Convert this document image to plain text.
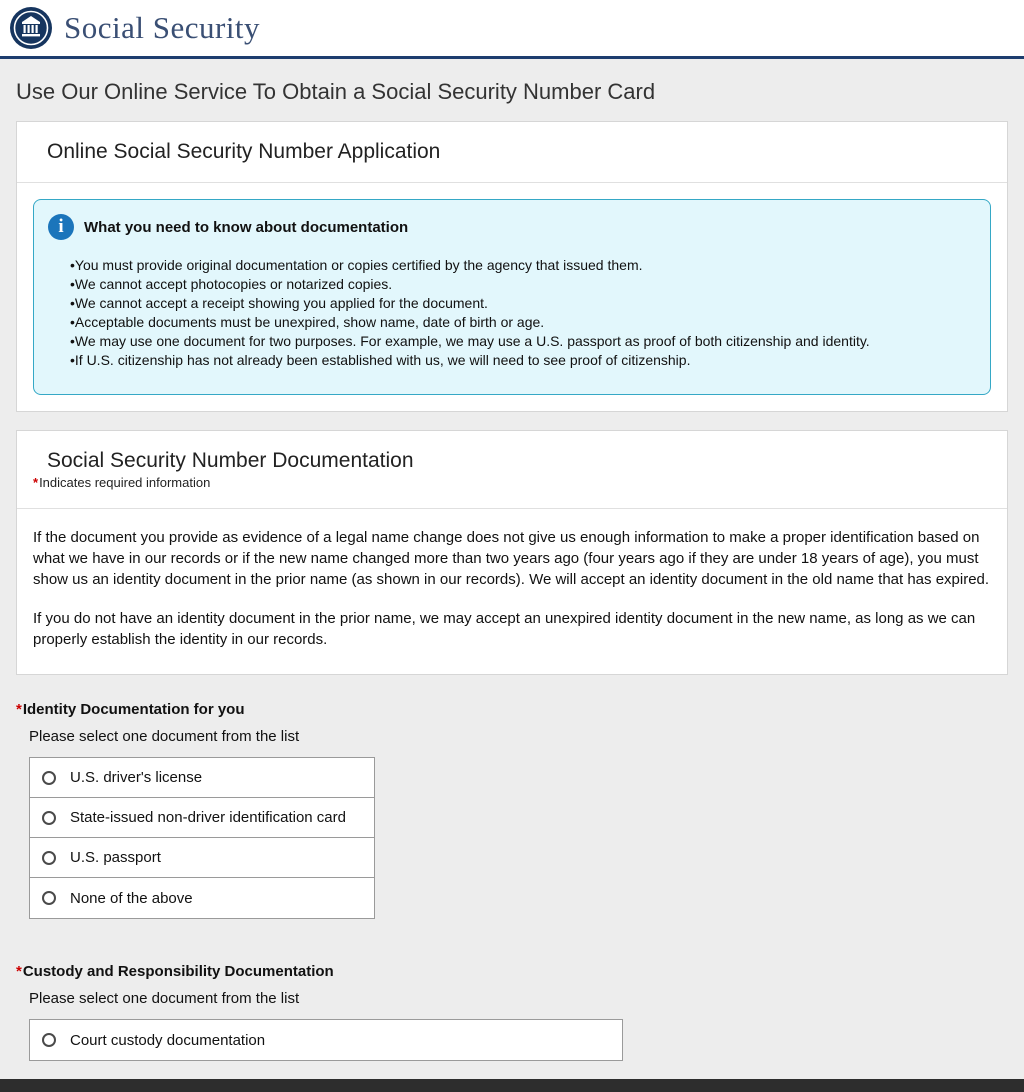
Social Security
Use Our Online Service To Obtain a Social Security Number Card
Online Social Security Number Application
i	What you need to know about documentation
• You must provide original documentation or copies certified by the agency that issued them.
• We cannot accept photocopies or notarized copies.
• We cannot accept a receipt showing you applied for the document.
• Acceptable documents must be unexpired, show name, date of birth or age.
• We may use one document for two purposes. For example, we may use a U.S. passport as proof of both citizenship and identity.
• If U.S. citizenship has not already been established with us, we will need to see proof of citizenship.
Social Security Number Documentation
*Indicates required information

If the document you provide as evidence of a legal name change does not give us enough information to make a proper identification based on what we have in our records or if the new name changed more than two years ago (four years ago if they are under 18 years of age), you must show us an identity document in the prior name (as shown in our records). We will accept an identity document in the old name that has expired.

If you do not have an identity document in the prior name, we may accept an unexpired identity document in the new name, as long as we can properly establish the identity in our records.

*Identity Documentation for you
Please select one document from the list
U.S. driver's license
State-issued non-driver identification card
U.S. passport
None of the above
*Custody and Responsibility Documentation
Please select one document from the list
Court custody documentation
